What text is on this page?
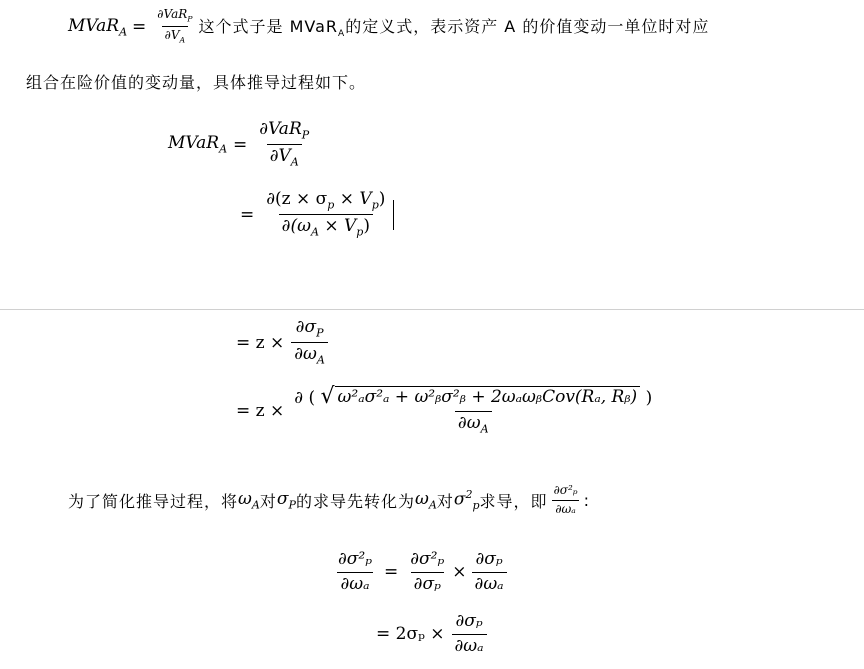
MVaR$_A$ = $\frac{\partial VaR_P}{\partial V_A}$ 这个式子是 MVaR$_A$的定义式，表示资产 A 的价值变动一单位时对应
组合在险价值的变动量，具体推导过程如下。
MVaR$_A$ = $\frac{\partial VaR_P}{\partial V_A}$
= $\frac{\partial(z \times \sigma_p \times V_p)}{\partial(\omega_A \times V_p)}$
= $z \times \frac{\partial\sigma_P}{\partial\omega_A}$
= $z \times \frac{\text{∂ ( √ ω²ₐσ²ₐ + ω²ᵦσ²ᵦ + 2ωₐωᵦCov(Rₐ, Rᵦ) )}}{\partial\omega_A}$
为了简化推导过程，将 $\omega_A$ 对 $\sigma_P$ 的求导先转化为 $\omega_A$ 对 $\sigma^2_p$ 求导，即 $\frac{\text{∂σ²ₚ}}{\text{∂ωₐ}}$ :
$\frac{\text{∂σ²ₚ}}{\text{∂ωₐ}} = \frac{\text{∂σ²ₚ}}{\text{∂σₚ}} \times \frac{\text{∂σₚ}}{\text{∂ωₐ}}$
= $2\sigma_p \times \frac{\text{∂σₚ}}{\text{∂ωₐ}}$
